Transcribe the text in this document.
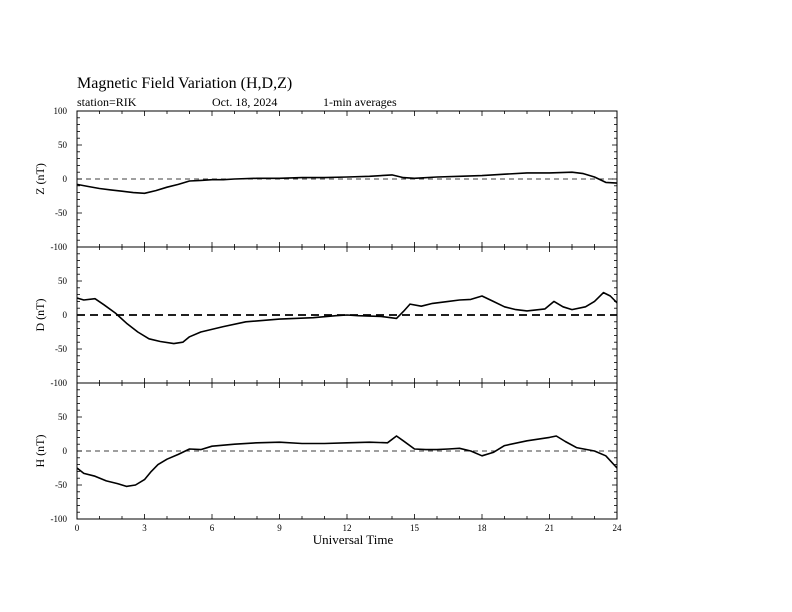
Magnetic Field Variation (H,D,Z)
station=RIK	Oct. 18, 2024	1-min averages
-100
-50
0
50
100
Z (nT)
-100
-50
0
50
D (nT)
-100
-50
0
50
H (nT)
0	3	6	9	12	15	18	21	24
Universal Time
